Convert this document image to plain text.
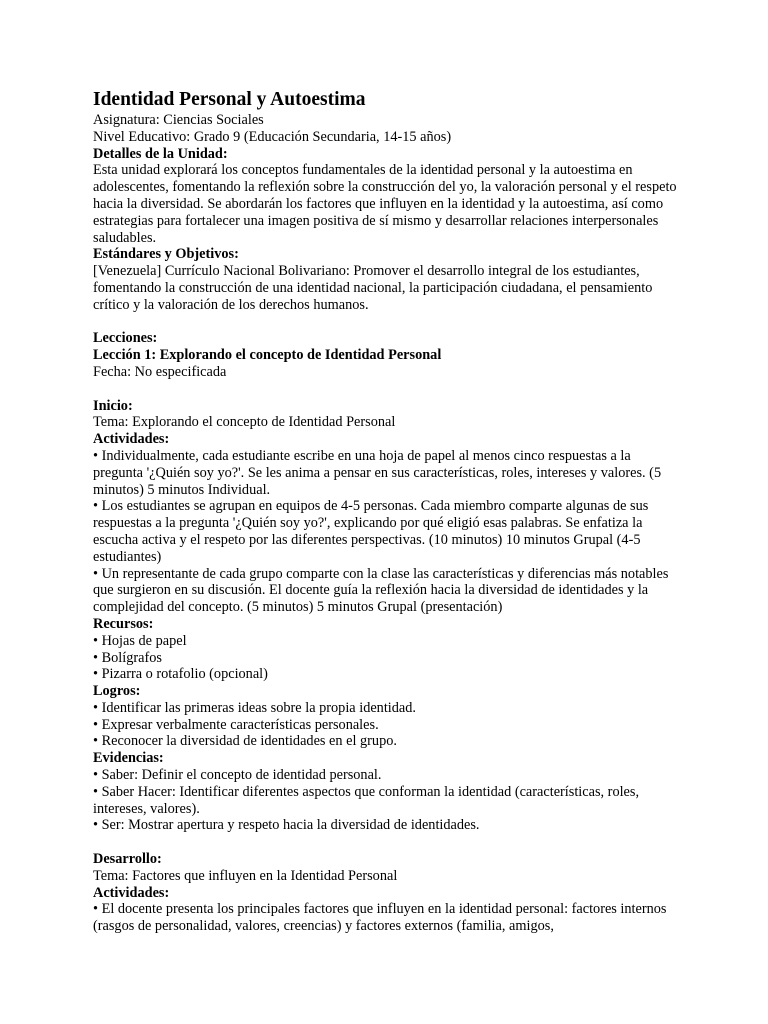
Identidad Personal y Autoestima

Asignatura: Ciencias Sociales

Nivel Educativo: Grado 9 (Educación Secundaria, 14-15 años)

Detalles de la Unidad:

Esta unidad explorará los conceptos fundamentales de la identidad personal y la autoestima en adolescentes, fomentando la reflexión sobre la construcción del yo, la valoración personal y el respeto hacia la diversidad. Se abordarán los factores que influyen en la identidad y la autoestima, así como estrategias para fortalecer una imagen positiva de sí mismo y desarrollar relaciones interpersonales saludables.

Estándares y Objetivos:

[Venezuela] Currículo Nacional Bolivariano: Promover el desarrollo integral de los estudiantes, fomentando la construcción de una identidad nacional, la participación ciudadana, el pensamiento crítico y la valoración de los derechos humanos.

Lecciones:

Lección 1: Explorando el concepto de Identidad Personal

Fecha: No especificada

Inicio:

Tema: Explorando el concepto de Identidad Personal

Actividades:

• Individualmente, cada estudiante escribe en una hoja de papel al menos cinco respuestas a la pregunta '¿Quién soy yo?'. Se les anima a pensar en sus características, roles, intereses y valores. (5 minutos) 5 minutos Individual.

• Los estudiantes se agrupan en equipos de 4-5 personas. Cada miembro comparte algunas de sus respuestas a la pregunta '¿Quién soy yo?', explicando por qué eligió esas palabras. Se enfatiza la escucha activa y el respeto por las diferentes perspectivas. (10 minutos) 10 minutos Grupal (4-5 estudiantes)

• Un representante de cada grupo comparte con la clase las características y diferencias más notables que surgieron en su discusión. El docente guía la reflexión hacia la diversidad de identidades y la complejidad del concepto. (5 minutos) 5 minutos Grupal (presentación)

Recursos:

• Hojas de papel

• Bolígrafos

• Pizarra o rotafolio (opcional)

Logros:

• Identificar las primeras ideas sobre la propia identidad.

• Expresar verbalmente características personales.

• Reconocer la diversidad de identidades en el grupo.

Evidencias:

• Saber: Definir el concepto de identidad personal.

• Saber Hacer: Identificar diferentes aspectos que conforman la identidad (características, roles, intereses, valores).

• Ser: Mostrar apertura y respeto hacia la diversidad de identidades.

Desarrollo:

Tema: Factores que influyen en la Identidad Personal

Actividades:

• El docente presenta los principales factores que influyen en la identidad personal: factores internos (rasgos de personalidad, valores, creencias) y factores externos (familia, amigos,
